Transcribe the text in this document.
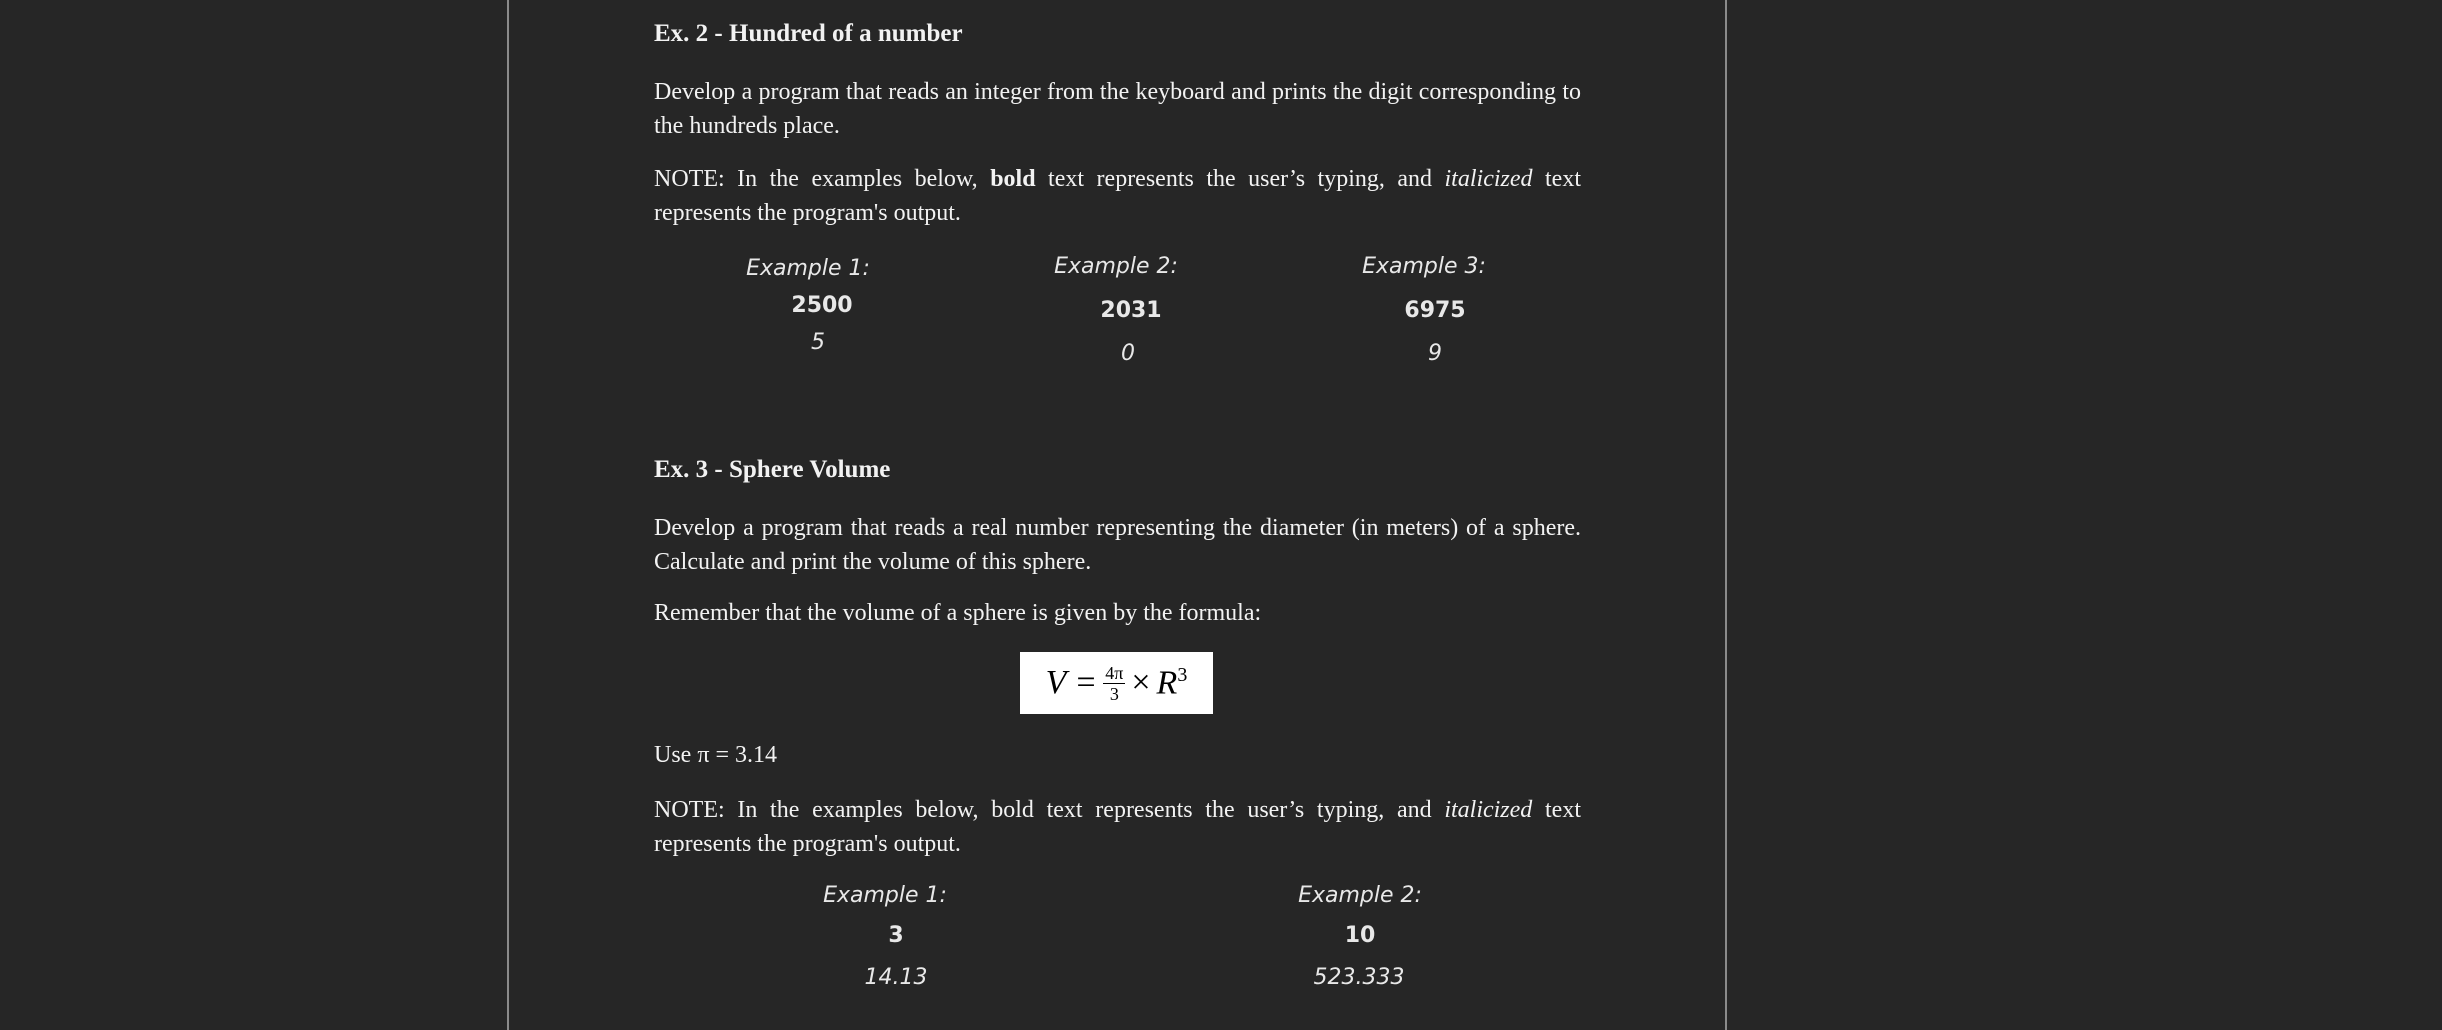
Ex. 2 - Hundred of a number
Develop a program that reads an integer from the keyboard and prints the digit corresponding to the hundreds place.
NOTE: In the examples below, bold text represents the user’s typing, and italicized text represents the program's output.
Example 1:
2500
5
Example 2:
2031
0
Example 3:
6975
9
Ex. 3 - Sphere Volume
Develop a program that reads a real number representing the diameter (in meters) of a sphere. Calculate and print the volume of this sphere.
Remember that the volume of a sphere is given by the formula:
$V = \frac{4\pi}{3} \times R^3$
Use π = 3.14
NOTE: In the examples below, bold text represents the user’s typing, and italicized text represents the program's output.
Example 1:
3
14.13
Example 2:
10
523.333
